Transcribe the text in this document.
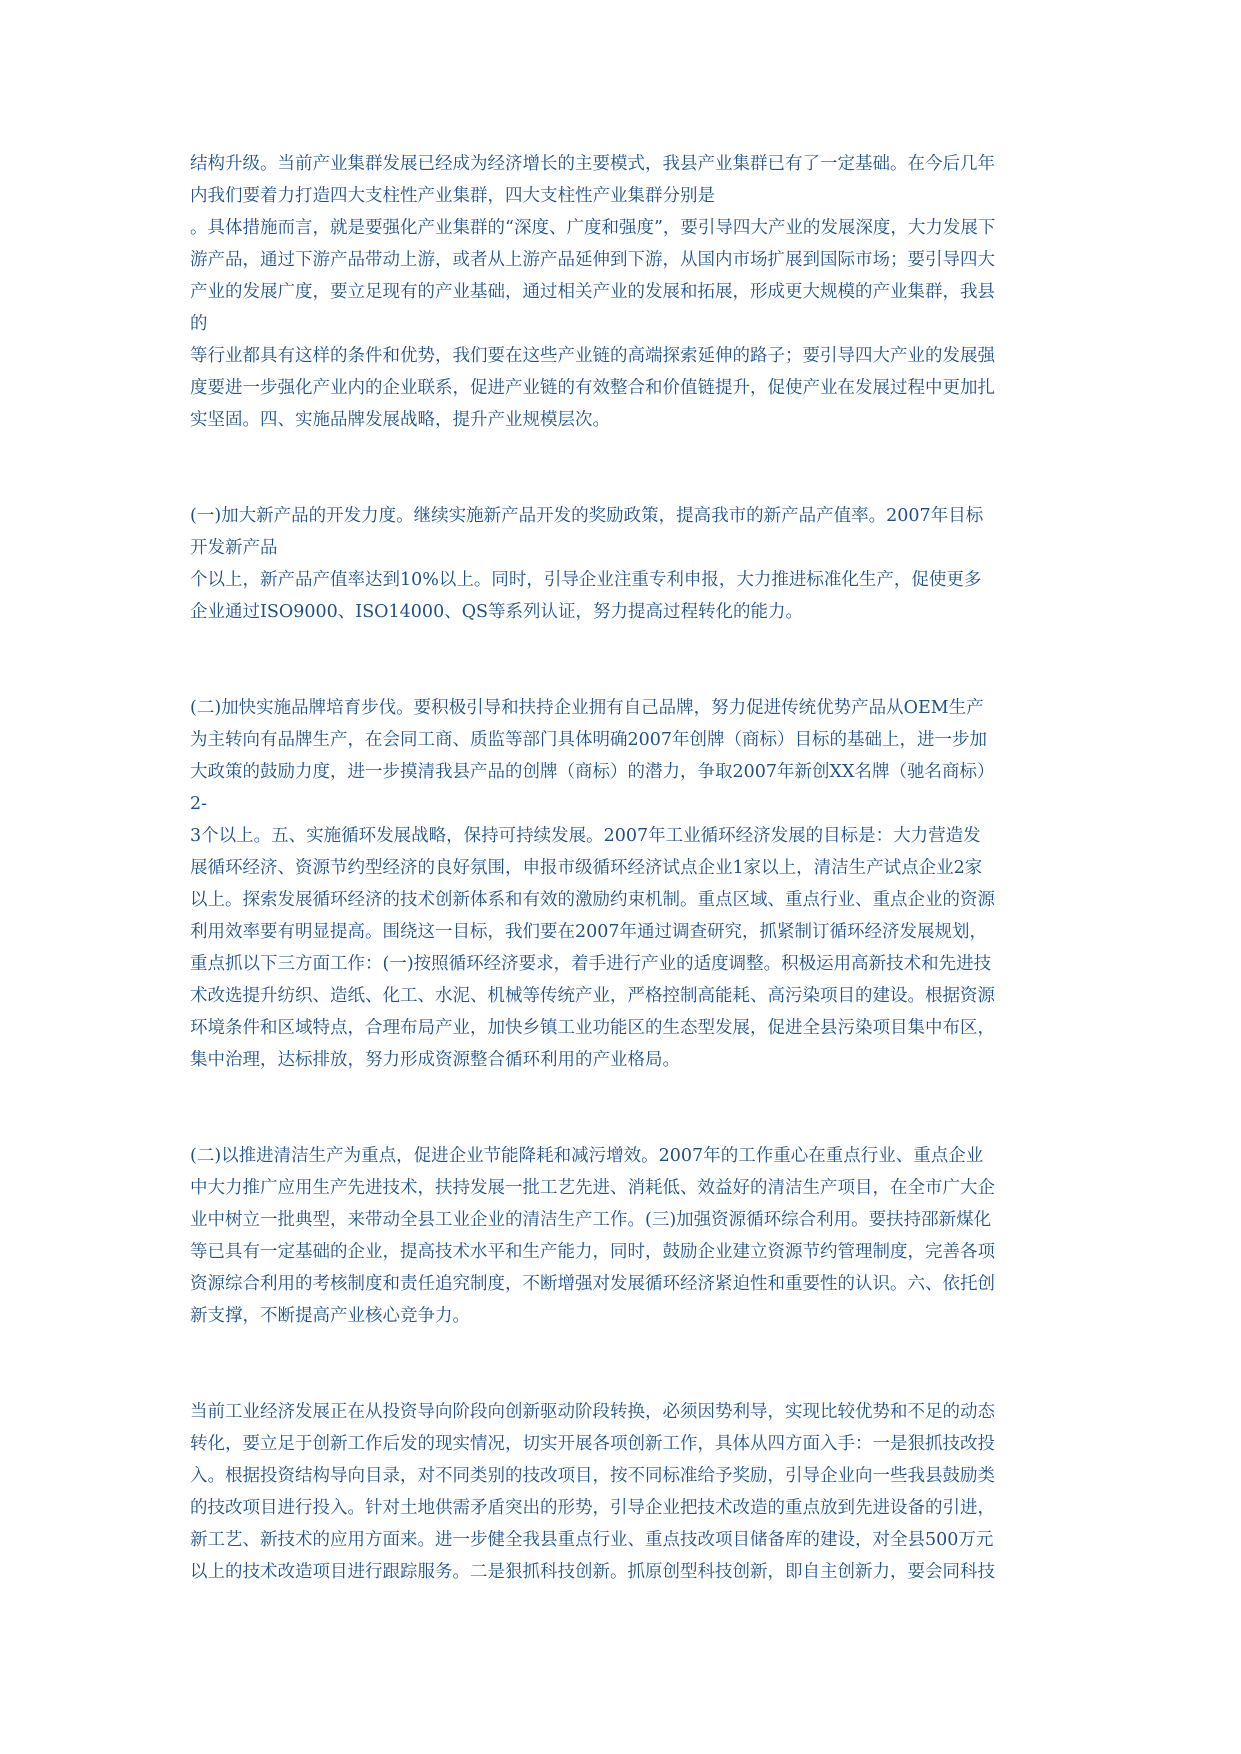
结构升级。当前产业集群发展已经成为经济增长的主要模式，我县产业集群已有了一定基础。在今后几年
内我们要着力打造四大支柱性产业集群，四大支柱性产业集群分别是
。具体措施而言，就是要强化产业集群的“深度、广度和强度”，要引导四大产业的发展深度，大力发展下
游产品，通过下游产品带动上游，或者从上游产品延伸到下游，从国内市场扩展到国际市场；要引导四大
产业的发展广度，要立足现有的产业基础，通过相关产业的发展和拓展，形成更大规模的产业集群，我县
的
等行业都具有这样的条件和优势，我们要在这些产业链的高端探索延伸的路子；要引导四大产业的发展强
度要进一步强化产业内的企业联系，促进产业链的有效整合和价值链提升，促使产业在发展过程中更加扎
实坚固。四、实施品牌发展战略，提升产业规模层次。
(一)加大新产品的开发力度。继续实施新产品开发的奖励政策，提高我市的新产品产值率。2007年目标
开发新产品
个以上，新产品产值率达到10%以上。同时，引导企业注重专利申报，大力推进标准化生产，促使更多
企业通过ISO9000、ISO14000、QS等系列认证，努力提高过程转化的能力。
(二)加快实施品牌培育步伐。要积极引导和扶持企业拥有自己品牌，努力促进传统优势产品从OEM生产
为主转向有品牌生产，在会同工商、质监等部门具体明确2007年创牌（商标）目标的基础上，进一步加
大政策的鼓励力度，进一步摸清我县产品的创牌（商标）的潜力，争取2007年新创XX名牌（驰名商标）
2-
3个以上。五、实施循环发展战略，保持可持续发展。2007年工业循环经济发展的目标是：大力营造发
展循环经济、资源节约型经济的良好氛围，申报市级循环经济试点企业1家以上，清洁生产试点企业2家
以上。探索发展循环经济的技术创新体系和有效的激励约束机制。重点区域、重点行业、重点企业的资源
利用效率要有明显提高。围绕这一目标，我们要在2007年通过调查研究，抓紧制订循环经济发展规划，
重点抓以下三方面工作：(一)按照循环经济要求，着手进行产业的适度调整。积极运用高新技术和先进技
术改选提升纺织、造纸、化工、水泥、机械等传统产业，严格控制高能耗、高污染项目的建设。根据资源
环境条件和区域特点，合理布局产业，加快乡镇工业功能区的生态型发展，促进全县污染项目集中布区，
集中治理，达标排放，努力形成资源整合循环利用的产业格局。
(二)以推进清洁生产为重点，促进企业节能降耗和减污增效。2007年的工作重心在重点行业、重点企业
中大力推广应用生产先进技术，扶持发展一批工艺先进、消耗低、效益好的清洁生产项目，在全市广大企
业中树立一批典型，来带动全县工业企业的清洁生产工作。(三)加强资源循环综合利用。要扶持邵新煤化
等已具有一定基础的企业，提高技术水平和生产能力，同时，鼓励企业建立资源节约管理制度，完善各项
资源综合利用的考核制度和责任追究制度，不断增强对发展循环经济紧迫性和重要性的认识。六、依托创
新支撑，不断提高产业核心竞争力。
当前工业经济发展正在从投资导向阶段向创新驱动阶段转换，必须因势利导，实现比较优势和不足的动态
转化，要立足于创新工作后发的现实情况，切实开展各项创新工作，具体从四方面入手：一是狠抓技改投
入。根据投资结构导向目录，对不同类别的技改项目，按不同标准给予奖励，引导企业向一些我县鼓励类
的技改项目进行投入。针对土地供需矛盾突出的形势，引导企业把技术改造的重点放到先进设备的引进，
新工艺、新技术的应用方面来。进一步健全我县重点行业、重点技改项目储备库的建设，对全县500万元
以上的技术改造项目进行跟踪服务。二是狠抓科技创新。抓原创型科技创新，即自主创新力，要会同科技
